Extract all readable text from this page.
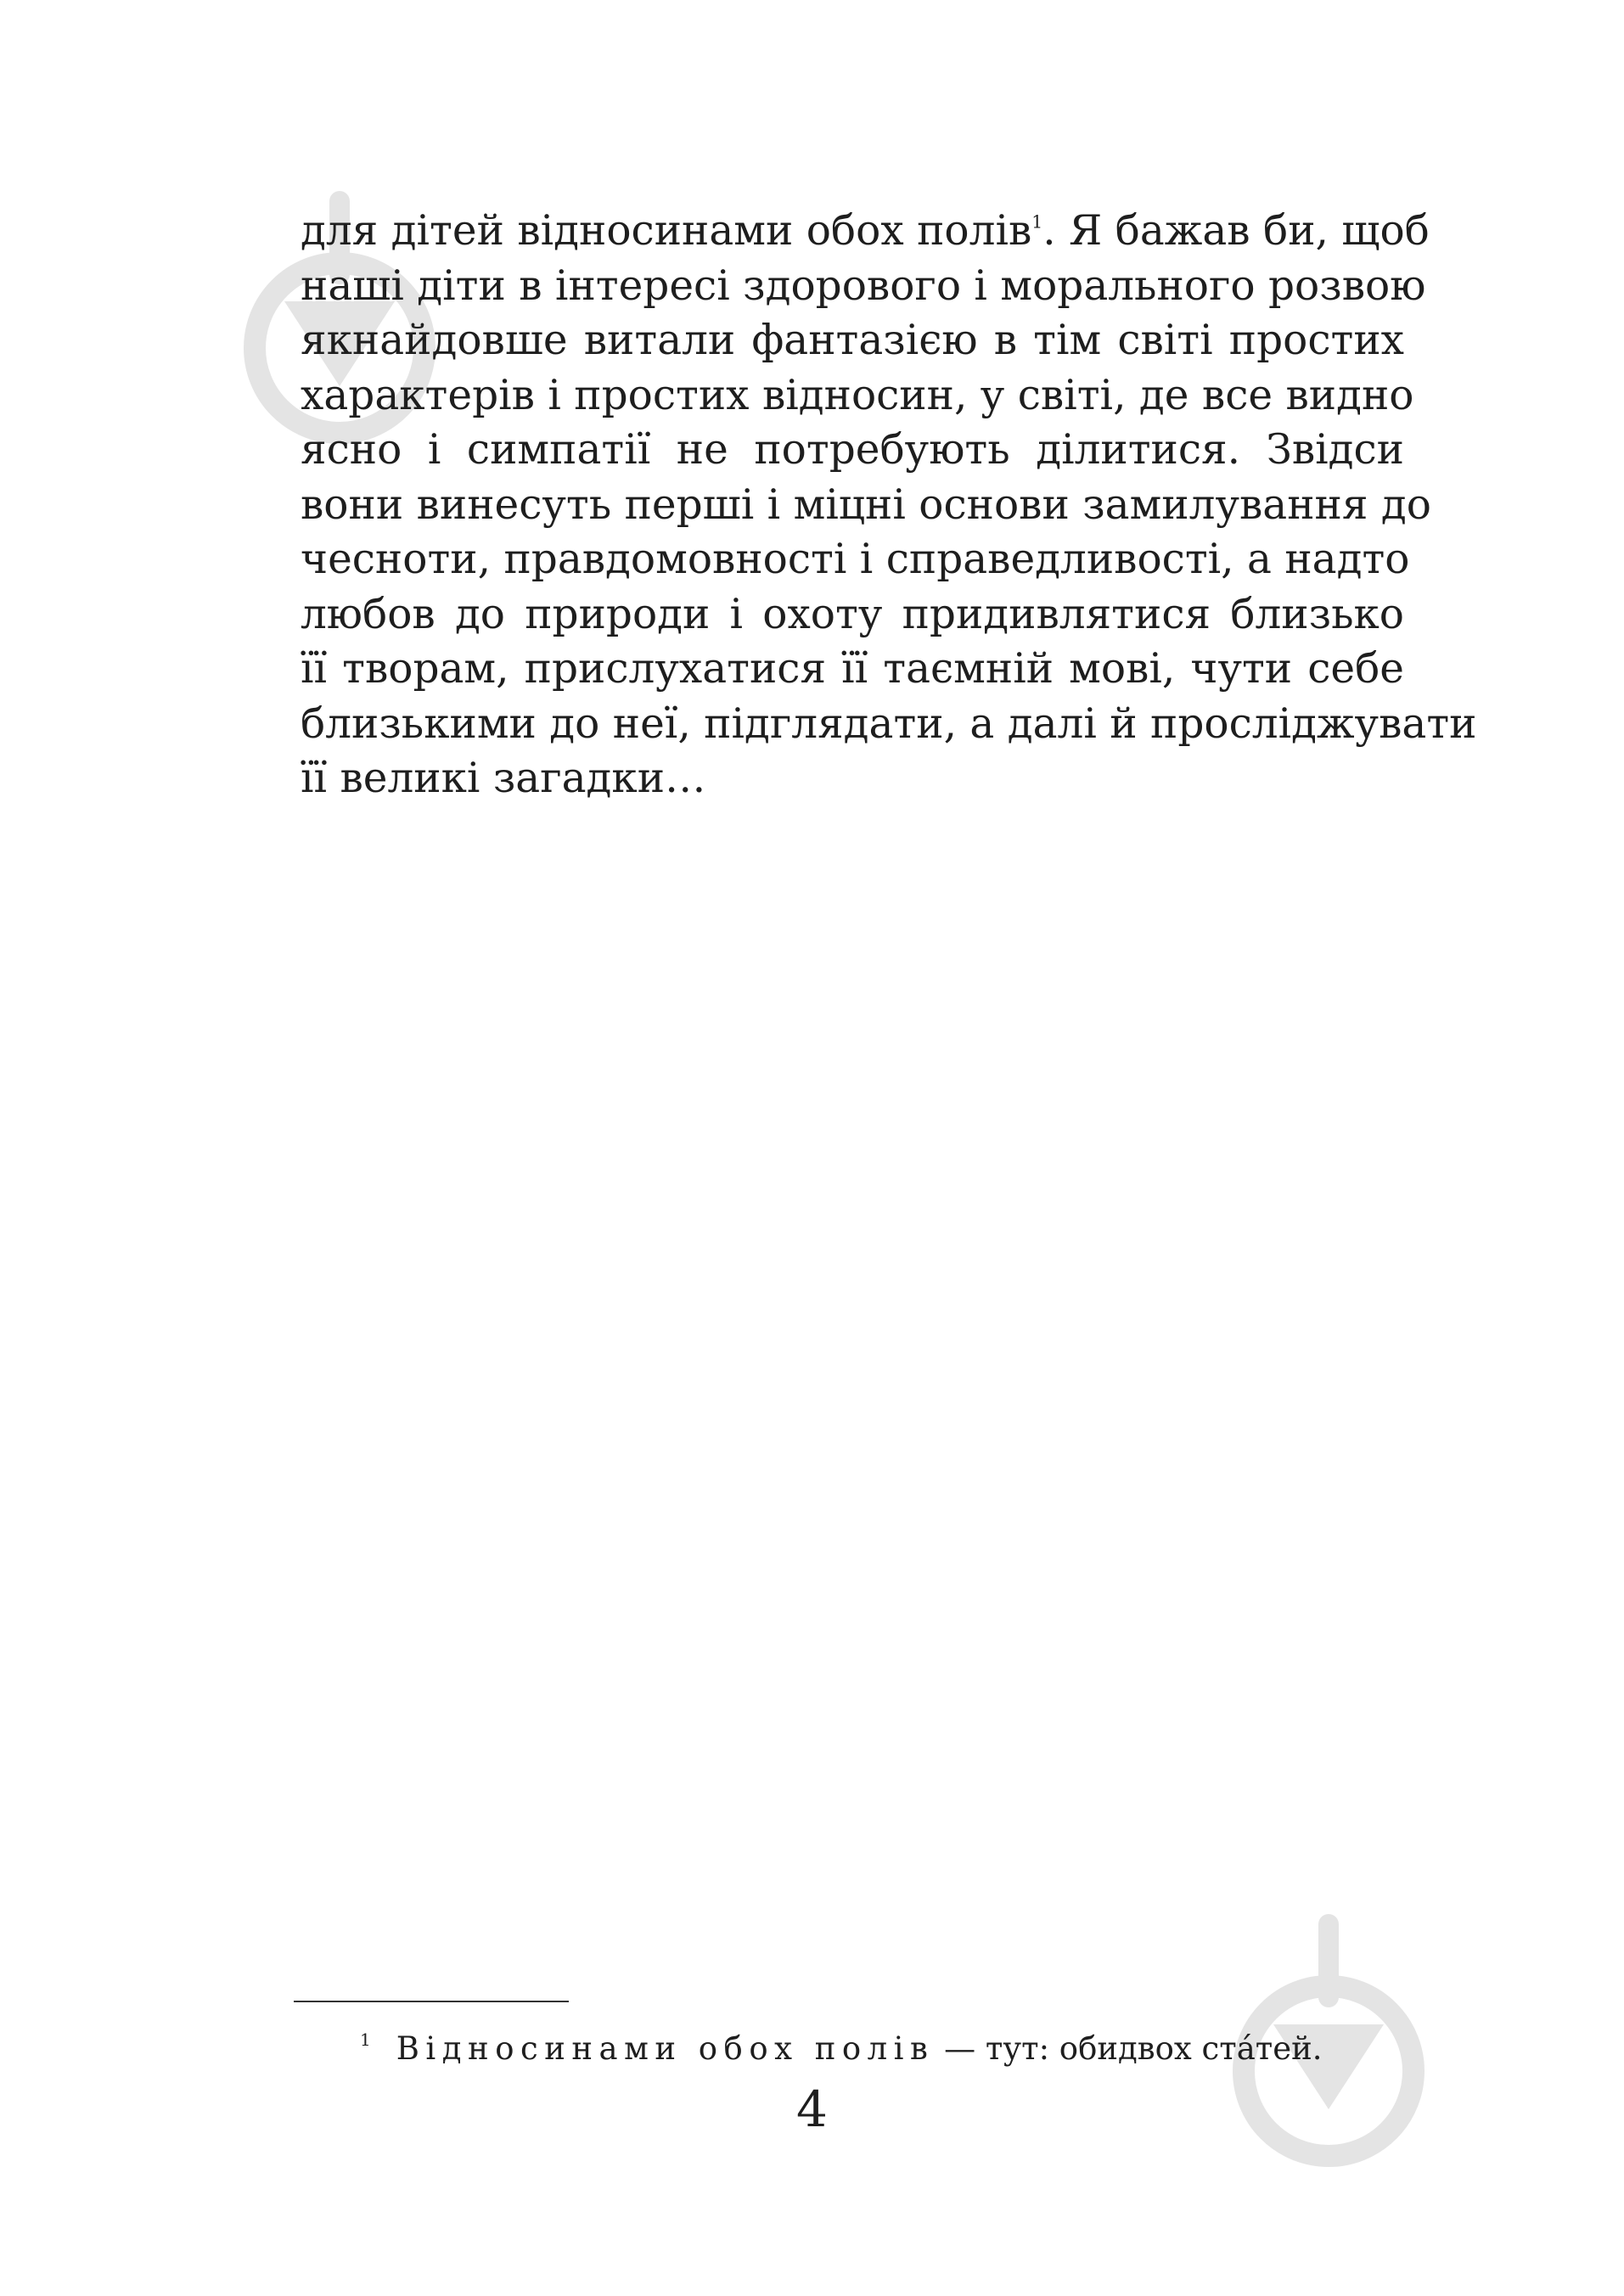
для дітей відносинами обох полів$^1$. Я бажав би, щоб
наші діти в інтересі здорового і морального розвою
якнайдовше витали фантазією в тім світі простих
характерів і простих відносин, у світі, де все видно
ясно і симпатії не потребують ділитися. Звідси
вони винесуть перші і міцні основи замилування до
чесноти, правдомовності і справедливості, а надто
любов до природи і охоту придивлятися близько
її творам, прислухатися її таємній мові, чути себе
близькими до неї, підглядати, а далі й прослiджувати
її великі загадки…
$^1$ Відносинами обох полів — тут: обидвох стáтей.
4
